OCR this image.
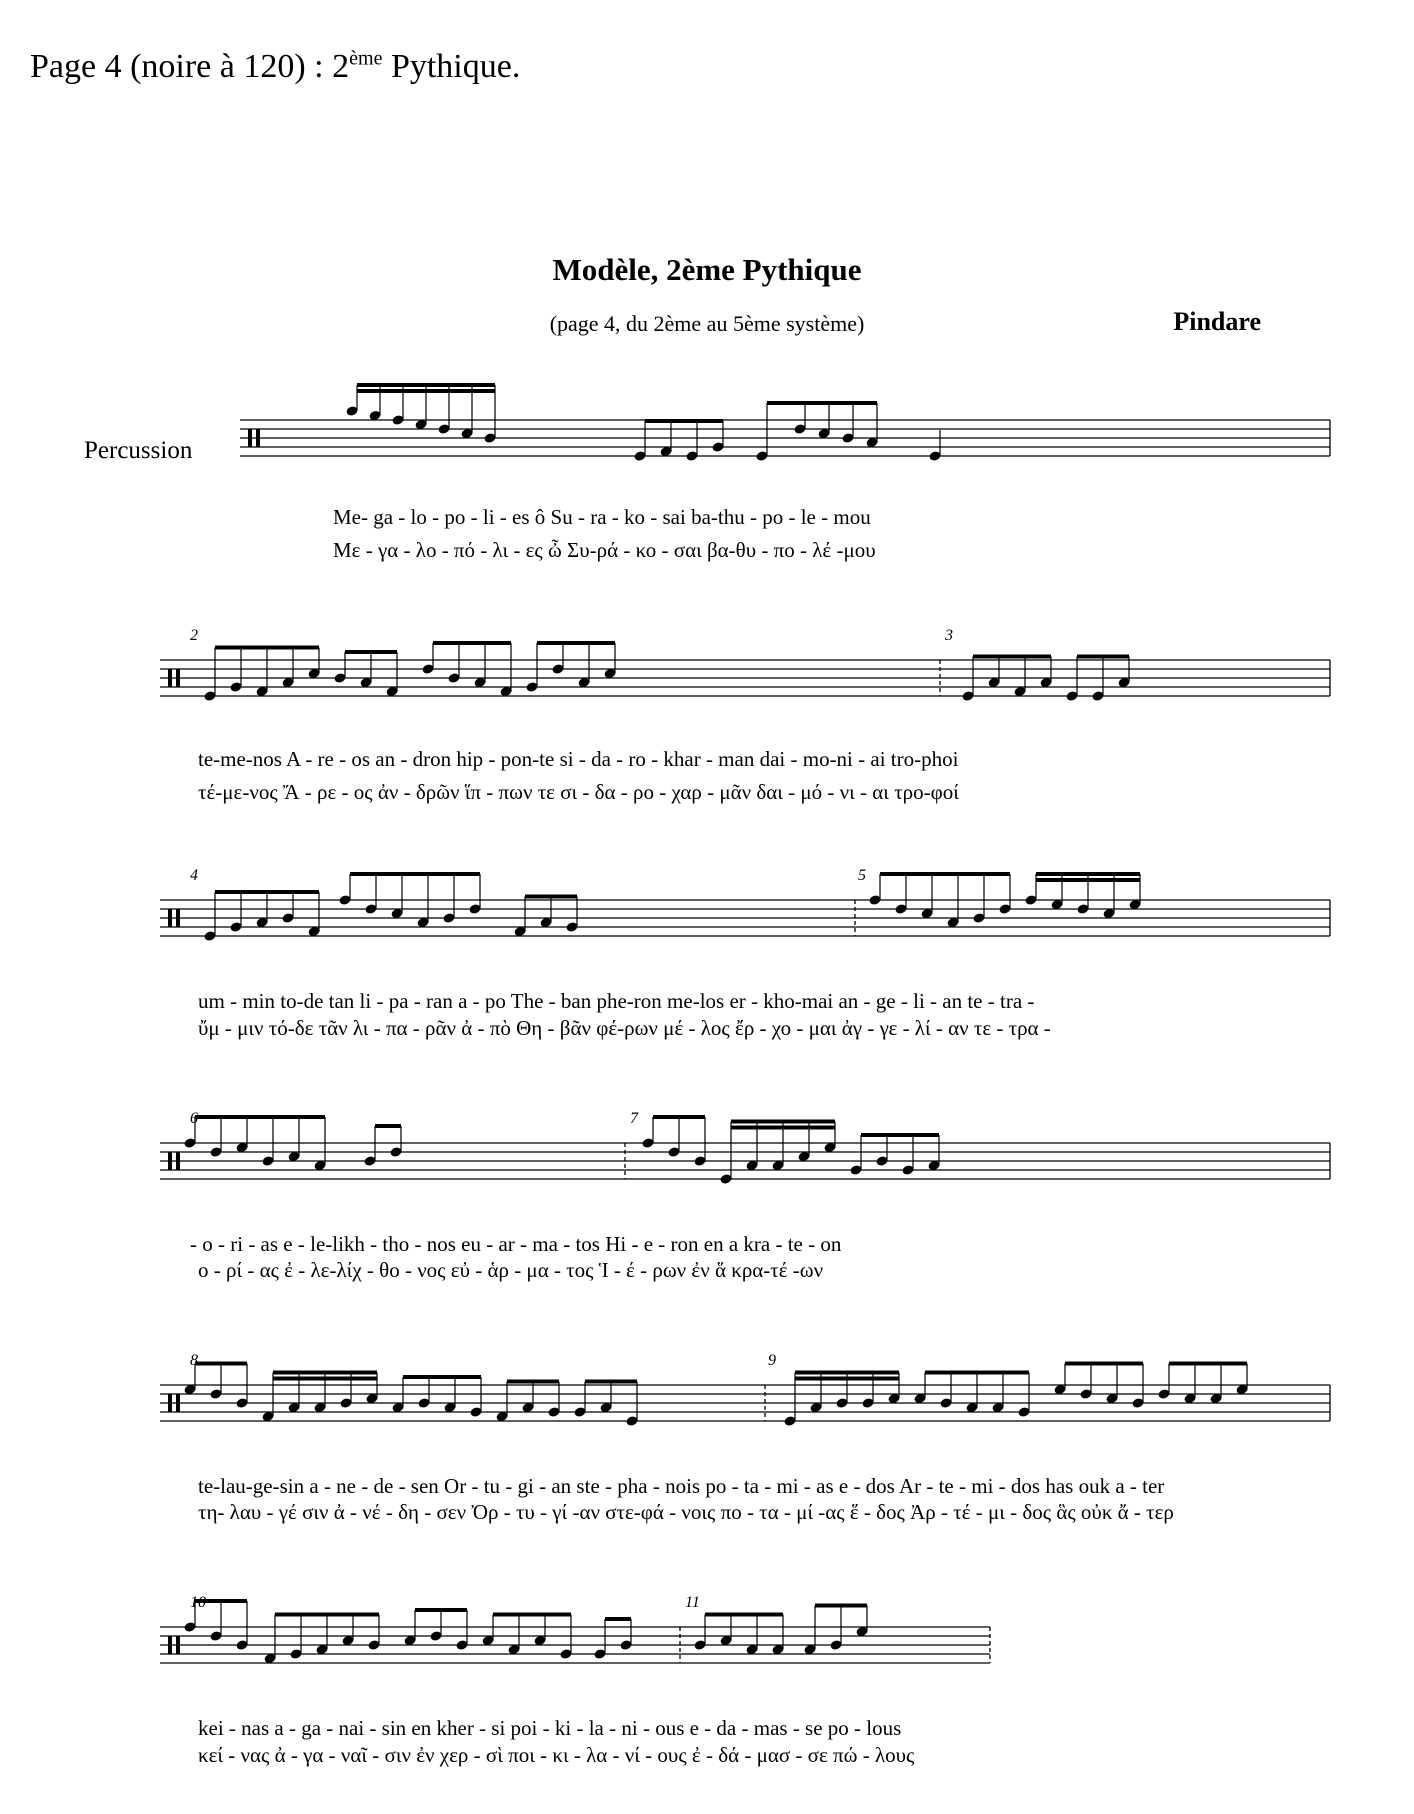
Page 4 (noire à 120) : 2ème Pythique.
Modèle, 2ème Pythique
(page 4, du 2ème au 5ème système)	Pindare
Percussion
2	3
4	5
6	7
8	9
10	11
Me- ga - lo - po - li - es ô Su - ra - ko - sai ba-thu - po - le - mou
Με - γα - λο - πό - λι - ες ὦ Συ-ρά - κο - σαι βα-θυ - πο - λέ -μου
te-me-nos A - re - os an - dron hip - pon-te si - da - ro - khar - man dai - mo-ni - ai tro-phoi
τέ-με-νος Ἄ - ρε - ος ἀν - δρῶν ἵπ - πων τε σι - δα - ρο - χαρ - μᾶν δαι - μό - νι - αι τρο-φοί
um - min to-de tan li - pa - ran a - po The - ban phe-ron me-los er - kho-mai an - ge - li - an te - tra -
ὔμ - μιν τό-δε τᾶν λι - πα - ρᾶν ἀ - πὸ Θη - βᾶν φέ-ρων μέ - λος ἔρ - χο - μαι ἀγ - γε - λί - αν τε - τρα -
- o - ri - as e - le-likh - tho - nos eu - ar - ma - tos Hi - e - ron en a kra - te - on
ο - ρί - ας ἐ - λε-λίχ - θο - νος εὐ - ἁρ - μα - τος Ἱ - έ - ρων ἐν ἅ κρα-τέ -ων
te-lau-ge-sin a - ne - de - sen Or - tu - gi - an ste - pha - nois po - ta - mi - as e - dos Ar - te - mi - dos has ouk a - ter
τη- λαυ - γέ σιν ἀ - νέ - δη - σεν Ὀρ - τυ - γί -αν στε-φά - νοις πο - τα - μί -ας ἕ - δος Ἀρ - τέ - μι - δος ἃς οὐκ ἄ - τερ
kei - nas a - ga - nai - sin en kher - si poi - ki - la - ni - ous e - da - mas - se po - lous
κεί - νας ἀ - γα - ναῖ - σιν ἐν χερ - σὶ ποι - κι - λα - νί - ους ἐ - δά - μασ - σε πώ - λους
